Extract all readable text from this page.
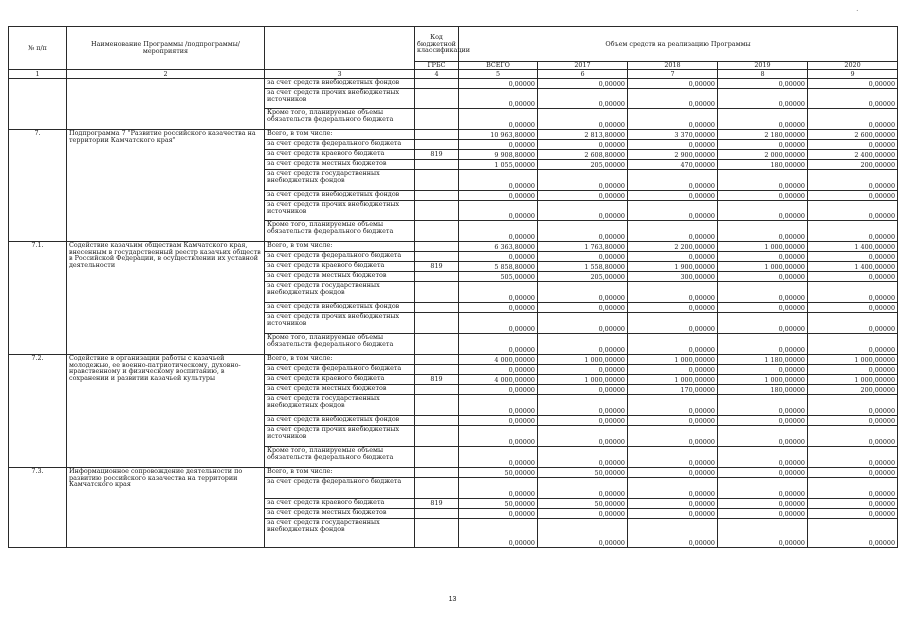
.
№ п/п	Наименование Программы /подпрограммы/ мероприятия		Код бюджетной классификации	Объем средств на реализацию Программы				
			ГРБС	ВСЕГО	2017	2018	2019	2020
1	2	3	4	5	6	7	8	9
		за счет средств внебюджетных фондов		0,00000	0,00000	0,00000	0,00000	0,00000
		за счет средств прочих внебюджетных источников		0,00000	0,00000	0,00000	0,00000	0,00000
		Кроме того, планируемые объемы обязательств федерального бюджета		0,00000	0,00000	0,00000	0,00000	0,00000
7.	Подпрограмма 7 "Развитие российского казачества на территории Камчатского края"	Всего, в том числе:		10 963,80000	2 813,80000	3 370,00000	2 180,00000	2 600,00000
		за счет средств федерального бюджета		0,00000	0,00000	0,00000	0,00000	0,00000
		за счет средств краевого бюджета	819	9 908,80000	2 608,80000	2 900,00000	2 000,00000	2 400,00000
		за счет средств местных бюджетов		1 055,00000	205,00000	470,00000	180,00000	200,00000
		за счет средств государственных внебюджетных фондов		0,00000	0,00000	0,00000	0,00000	0,00000
		за счет средств внебюджетных фондов		0,00000	0,00000	0,00000	0,00000	0,00000
		за счет средств прочих внебюджетных источников		0,00000	0,00000	0,00000	0,00000	0,00000
		Кроме того, планируемые объемы обязательств федерального бюджета		0,00000	0,00000	0,00000	0,00000	0,00000
7.1.	Содействие казачьим обществам Камчатского края, внесенным в государственный реестр казачьих обществ в Российской Федерации, в осуществлении их уставной деятельности	Всего, в том числе:		6 363,80000	1 763,80000	2 200,00000	1 000,00000	1 400,00000
		за счет средств федерального бюджета		0,00000	0,00000	0,00000	0,00000	0,00000
		за счет средств краевого бюджета	819	5 858,80000	1 558,80000	1 900,00000	1 000,00000	1 400,00000
		за счет средств местных бюджетов		505,00000	205,00000	300,00000	0,00000	0,00000
		за счет средств государственных внебюджетных фондов		0,00000	0,00000	0,00000	0,00000	0,00000
		за счет средств внебюджетных фондов		0,00000	0,00000	0,00000	0,00000	0,00000
		за счет средств прочих внебюджетных источников		0,00000	0,00000	0,00000	0,00000	0,00000
		Кроме того, планируемые объемы обязательств федерального бюджета		0,00000	0,00000	0,00000	0,00000	0,00000
7.2.	Содействие в организации работы с казачьей молодежью, ее военно-патриотическому, духовно-нравственному и физическому воспитанию, в сохранении и развитии казачьей культуры	Всего, в том числе:		4 000,00000	1 000,00000	1 000,00000	1 180,00000	1 000,00000
		за счет средств федерального бюджета		0,00000	0,00000	0,00000	0,00000	0,00000
		за счет средств краевого бюджета	819	4 000,00000	1 000,00000	1 000,00000	1 000,00000	1 000,00000
		за счет средств местных бюджетов		0,00000	0,00000	170,00000	180,00000	200,00000
		за счет средств государственных внебюджетных фондов		0,00000	0,00000	0,00000	0,00000	0,00000
		за счет средств внебюджетных фондов		0,00000	0,00000	0,00000	0,00000	0,00000
		за счет средств прочих внебюджетных источников		0,00000	0,00000	0,00000	0,00000	0,00000
		Кроме того, планируемые объемы обязательств федерального бюджета		0,00000	0,00000	0,00000	0,00000	0,00000
7.3.	Информационное сопровождение деятельности по развитию российского казачества на территории Камчатского края	Всего, в том числе:		50,00000	50,00000	0,00000	0,00000	0,00000
		за счет средств федерального бюджета		0,00000	0,00000	0,00000	0,00000	0,00000
		за счет средств краевого бюджета	819	50,00000	50,00000	0,00000	0,00000	0,00000
		за счет средств местных бюджетов		0,00000	0,00000	0,00000	0,00000	0,00000
		за счет средств государственных внебюджетных фондов		0,00000	0,00000	0,00000	0,00000	0,00000
13
